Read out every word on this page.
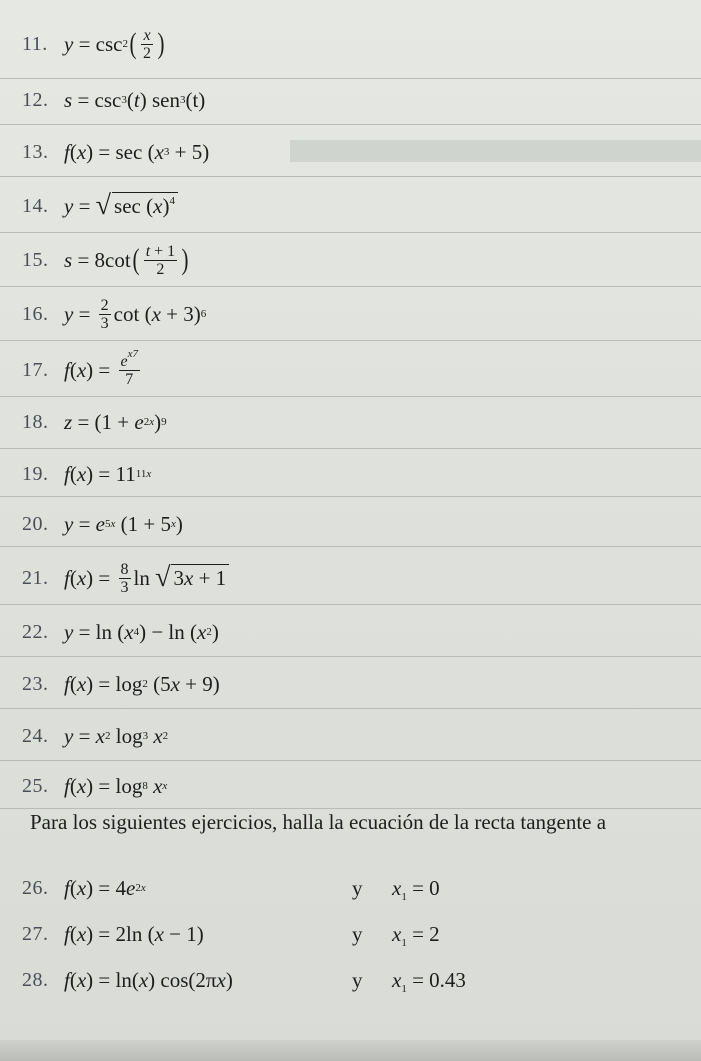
11. y = csc 2 ( $\frac{x}{2}$ )
12. s = csc 3 ( t ) sen 3 (t)
13. f ( x ) = sec ( x 3 + 5)
14. y = √ $\sec (x)^4$
15. s = 8cot ( $\frac{t + 1}{2}$ )
16. $y = \frac{2}{3}$ cot ( x + 3) 6
17. f ( x ) = $\frac{e^{x7}}{7}$
18. z = (1 + e 2x ) 9
19. f ( x ) = 11 11x
20. y = e 5x (1 + 5 x )
21. f ( x ) = $\frac{8}{3}$ ln √ 3x + 1
22. y = ln ( x 4 ) − ln ( x 2 )
23. f ( x ) = log 2 (5 x + 9)
24. y = x 2 log 3
x 2
25. f ( x ) = log 8
x x
Para los siguientes ejercicios, halla la ecuación de la recta tangente a
26. f ( x ) = 4 e 2x	y $x_1 = 0$
27. f ( x ) = 2ln ( x − 1)	y $x_1 = 2$
28. f ( x ) = ln( x ) cos(2π x )	y $x_1 = 0.43$
